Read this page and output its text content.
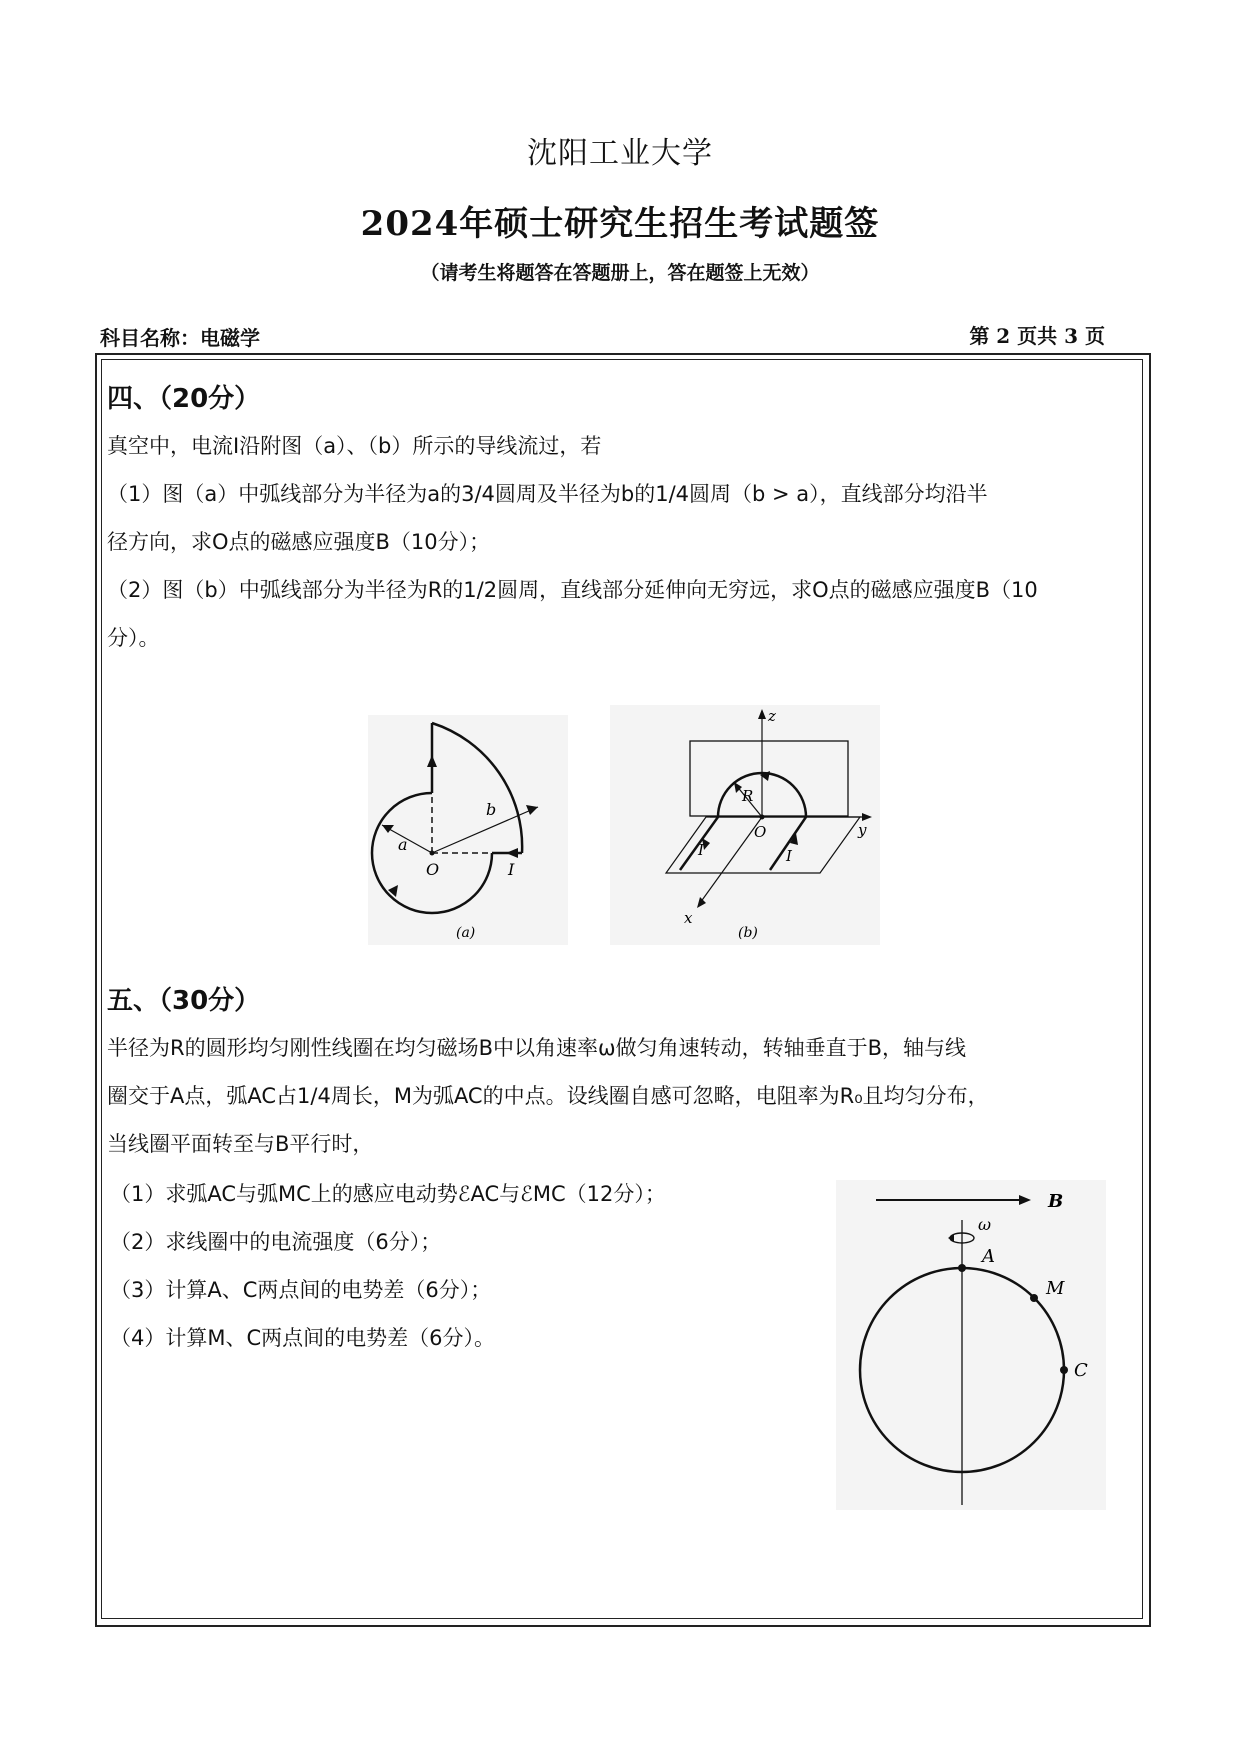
沈阳工业大学
2024年硕士研究生招生考试题签
（请考生将题答在答题册上，答在题签上无效）
科目名称：电磁学	第 2 页共 3 页
四、（20分）

真空中，电流I沿附图（a）、（b）所示的导线流过，若

（1）图（a）中弧线部分为半径为a的3/4圆周及半径为b的1/4圆周（b > a），直线部分均沿半

径方向，求O点的磁感应强度B（10分）；

（2）图（b）中弧线部分为半径为R的1/2圆周，直线部分延伸向无穷远，求O点的磁感应强度B（10

分）。

a
b
O	I
(a)
z
y
x
R
O
I	I
(b)
五、（30分）

半径为R的圆形均匀刚性线圈在均匀磁场B中以角速率ω做匀角速转动，转轴垂直于B，轴与线

圈交于A点，弧AC占1/4周长，M为弧AC的中点。设线圈自感可忽略，电阻率为R₀且均匀分布，

当线圈平面转至与B平行时，

（1）求弧AC与弧MC上的感应电动势ℰAC与ℰMC（12分）；

（2）求线圈中的电流强度（6分）；

（3）计算A、C两点间的电势差（6分）；

（4）计算M、C两点间的电势差（6分）。

B
ω
A
M
C
